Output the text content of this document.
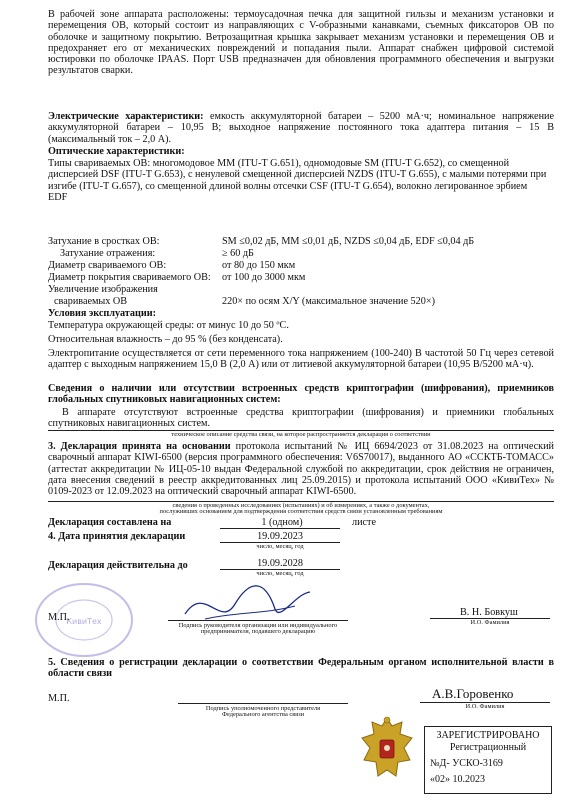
В рабочей зоне аппарата расположены: термоусадочная печка для защитной гильзы и механизм установки и перемещения ОВ, который состоит из направляющих с V-образными канавками, съемных фиксаторов ОВ по оболочке и защитному покрытию. Ветрозащитная крышка закрывает механизм установки и перемещения ОВ и предохраняет его от механических повреждений и попадания пыли. Аппарат снабжен цифровой системой юстировки по оболочке IPAAS. Порт USB предназначен для обновления программного обеспечения и выгрузки результатов сварки.
Электрические характеристики: емкость аккумуляторной батареи – 5200 мА·ч; номинальное напряжение аккумуляторной батареи – 10,95 В; выходное напряжение постоянного тока адаптера питания – 15 В (максимальный ток – 2,0 А).
Оптические характеристики:
Типы свариваемых ОВ: многомодовое ММ (ITU-T G.651), одномодовые SM (ITU-T G.652), со смещенной дисперсией DSF (ITU-T G.653), с ненулевой смещенной дисперсией NZDS (ITU-T G.655), с малыми потерями при изгибе (ITU-T G.657), со смещенной длиной волны отсечки CSF (ITU-T G.654), волокно легированное эрбием EDF
Затухание в сростках ОВ:	SM ≤0,02 дБ, MM ≤0,01 дБ, NZDS ≤0,04 дБ, EDF ≤0,04 дБ
Затухание отражения:	≥ 60 дБ
Диаметр свариваемого ОВ:	от 80 до 150 мкм
Диаметр покрытия свариваемого ОВ: от 100 до 3000 мкм
Увеличение изображения
свариваемых ОВ	220× по осям X/Y (максимальное значение 520×)
Условия эксплуатации:
Температура окружающей среды: от минус 10 до 50 ºС.
Относительная влажность – до 95 % (без конденсата).
Электропитание осуществляется от сети переменного тока напряжением (100-240) В частотой 50 Гц через сетевой адаптер с выходным напряжением 15,0 В (2,0 А) или от литиевой аккумуляторной батареи (10,95 В/5200 мА·ч).
Сведения о наличии или отсутствии встроенных средств криптографии (шифрования), приемников глобальных спутниковых навигационных систем:
В аппарате отсутствуют встроенные средства криптографии (шифрования) и приемники глобальных спутниковых навигационных систем.
техническое описание средства связи, на которое распространяется декларация о соответствии
3. Декларация принята на основании протокола испытаний № ИЦ 6694/2023 от 31.08.2023 на оптический сварочный аппарат KIWI-6500 (версия программного обеспечения: V6S70017), выданного АО «ССКТБ-ТОМАСС» (аттестат аккредитации № ИЦ-05-10 выдан Федеральной службой по аккредитации, срок действия не ограничен, дата внесения сведений в реестр аккредитованных лиц 25.09.2015) и протокола испытаний ООО «КивиТех» № 0109-2023 от 12.09.2023 на оптический сварочный аппарат KIWI-6500.
сведения о проведенных исследованиях (испытаниях) и об измерениях, а также о документах,
послуживших основанием для подтверждения соответствия средств связи установленным требованиям
Декларация составлена на	1 (одном)	листе
4. Дата принятия декларации	19.09.2023
число, месяц, год
Декларация действительна до	19.09.2028
число, месяц, год
КивиТех
М.П.
Подпись руководителя организации или индивидуального
предпринимателя, подавшего декларацию
В. Н. Бовкуш
И.О. Фамилия
5. Сведения о регистрации декларации о соответствии Федеральным органом исполнительной власти в области связи
М.П.
Подпись уполномоченного представителя
Федерального агентства связи
А.В.Горовенко
И.О. Фамилия
ЗАРЕГИСТРИРОВАНО
Регистрационный
№Д- УСКО-3169
«02» 10.2023
